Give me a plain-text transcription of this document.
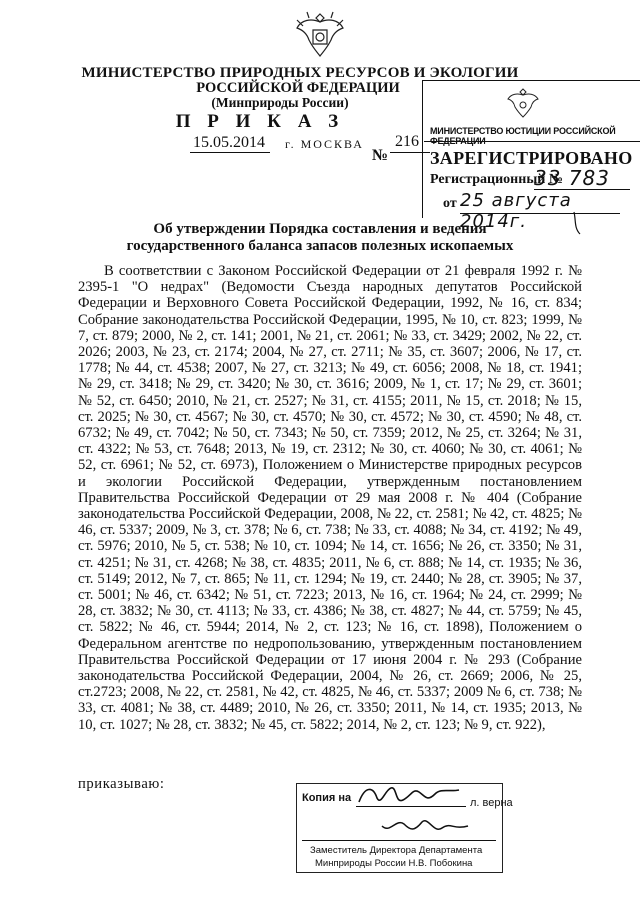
МИНИСТЕРСТВО ПРИРОДНЫХ РЕСУРСОВ И ЭКОЛОГИИ
РОССИЙСКОЙ ФЕДЕРАЦИИ
(Минприроды России)
П Р И К А З
15.05.2014 г. МОСКВА
№
216
МИНИСТЕРСТВО ЮСТИЦИИ РОССИЙСКОЙ ФЕДЕРАЦИИ
ЗАРЕГИСТРИРОВАНО
Регистрационный №
33 783
от 25 августа 2014г.
Об утверждении Порядка составления и ведения
государственного баланса запасов полезных ископаемых
В соответствии с Законом Российской Федерации от 21 февраля 1992 г. № 2395-1 "О недрах" (Ведомости Съезда народных депутатов Российской Федерации и Верховного Совета Российской Федерации, 1992, № 16, ст. 834; Собрание законодательства Российской Федерации, 1995, № 10, ст. 823; 1999, № 7, ст. 879; 2000, № 2, ст. 141; 2001, № 21, ст. 2061; № 33, ст. 3429; 2002, № 22, ст. 2026; 2003, № 23, ст. 2174; 2004, № 27, ст. 2711; № 35, ст. 3607; 2006, № 17, ст. 1778; № 44, ст. 4538; 2007, № 27, ст. 3213; № 49, ст. 6056; 2008, № 18, ст. 1941; № 29, ст. 3418; № 29, ст. 3420; № 30, ст. 3616; 2009, № 1, ст. 17; № 29, ст. 3601; № 52, ст. 6450; 2010, № 21, ст. 2527; № 31, ст. 4155; 2011, № 15, ст. 2018; № 15, ст. 2025; № 30, ст. 4567; № 30, ст. 4570; № 30, ст. 4572; № 30, ст. 4590; № 48, ст. 6732; № 49, ст. 7042; № 50, ст. 7343; № 50, ст. 7359; 2012, № 25, ст. 3264; № 31, ст. 4322; № 53, ст. 7648; 2013, № 19, ст. 2312; № 30, ст. 4060; № 30, ст. 4061; № 52, ст. 6961; № 52, ст. 6973), Положением о Министерстве природных ресурсов и экологии Российской Федерации, утвержденным постановлением Правительства Российской Федерации от 29 мая 2008 г. № 404 (Собрание законодательства Российской Федерации, 2008, № 22, ст. 2581; № 42, ст. 4825; № 46, ст. 5337; 2009, № 3, ст. 378; № 6, ст. 738; № 33, ст. 4088; № 34, ст. 4192; № 49, ст. 5976; 2010, № 5, ст. 538; № 10, ст. 1094; № 14, ст. 1656; № 26, ст. 3350; № 31, ст. 4251; № 31, ст. 4268; № 38, ст. 4835; 2011, № 6, ст. 888; № 14, ст. 1935; № 36, ст. 5149; 2012, № 7, ст. 865; № 11, ст. 1294; № 19, ст. 2440; № 28, ст. 3905; № 37, ст. 5001; № 46, ст. 6342; № 51, ст. 7223; 2013, № 16, ст. 1964; № 24, ст. 2999; № 28, ст. 3832; № 30, ст. 4113; № 33, ст. 4386; № 38, ст. 4827; № 44, ст. 5759; № 45, ст. 5822; № 46, ст. 5944; 2014, № 2, ст. 123; № 16, ст. 1898), Положением о Федеральном агентстве по недропользованию, утвержденным постановлением Правительства Российской Федерации от 17 июня 2004 г. № 293 (Собрание законодательства Российской Федерации, 2004, № 26, ст. 2669; 2006, № 25, ст.2723; 2008, № 22, ст. 2581, № 42, ст. 4825, № 46, ст. 5337; 2009 № 6, ст. 738; № 33, ст. 4081; № 38, ст. 4489; 2010, № 26, ст. 3350; 2011, № 14, ст. 1935; 2013, № 10, ст. 1027; № 28, ст. 3832; № 45, ст. 5822; 2014, № 2, ст. 123; № 9, ст. 922),
приказываю:
Копия на	л. верна
Заместитель Директора Департамента
Минприроды России Н.В. Побокина
